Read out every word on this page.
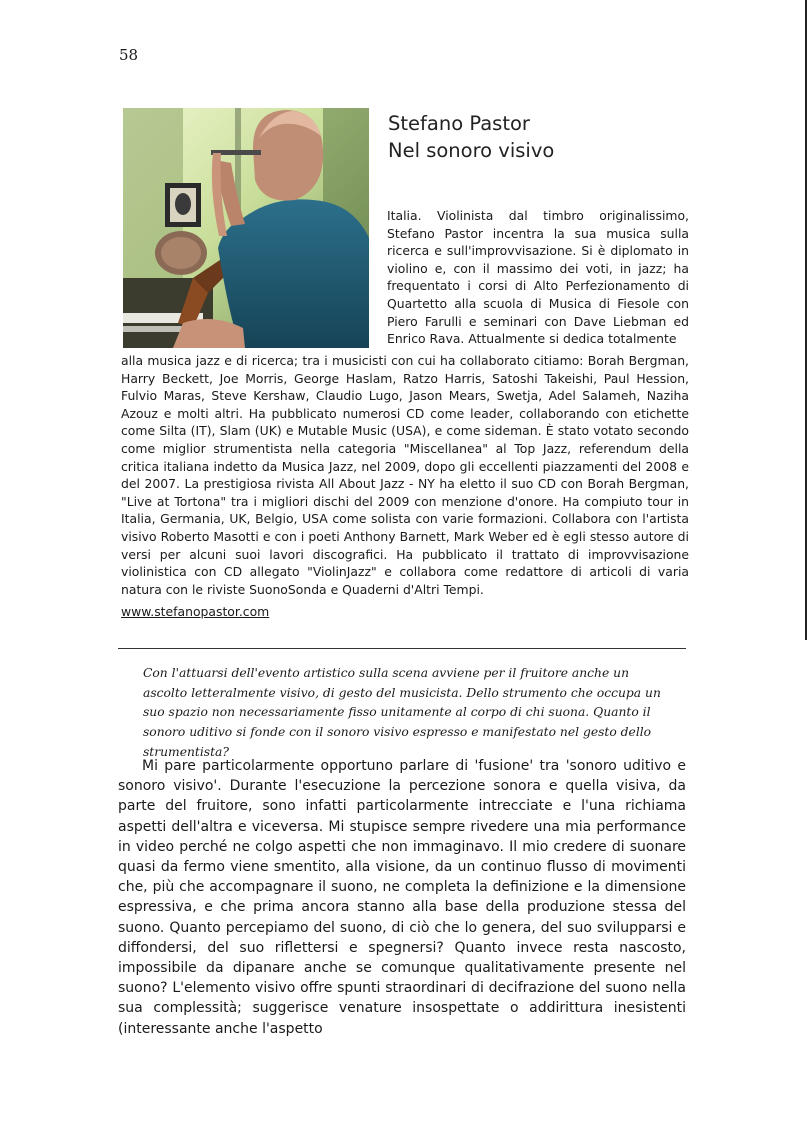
58
Stefano Pastor
Nel sonoro visivo

Italia. Violinista dal timbro originalissimo, Stefano Pastor incentra la sua musica sulla ricerca e sull'improvvisazione. Si è diplomato in violino e, con il massimo dei voti, in jazz; ha frequentato i corsi di Alto Perfezionamento di Quartetto alla scuola di Musica di Fiesole con Piero Farulli e seminari con Dave Liebman ed Enrico Rava. Attualmente si dedica totalmente

alla musica jazz e di ricerca; tra i musicisti con cui ha collaborato citiamo: Borah Bergman, Harry Beckett, Joe Morris, George Haslam, Ratzo Harris, Satoshi Takeishi, Paul Hession, Fulvio Maras, Steve Kershaw, Claudio Lugo, Jason Mears, Swetja, Adel Salameh, Naziha Azouz e molti altri. Ha pubblicato numerosi CD come leader, collaborando con etichette come Silta (IT), Slam (UK) e Mutable Music (USA), e come sideman. È stato votato secondo come miglior strumentista nella categoria "Miscellanea" al Top Jazz, referendum della critica italiana indetto da Musica Jazz, nel 2009, dopo gli eccellenti piazzamenti del 2008 e del 2007. La prestigiosa rivista All About Jazz - NY ha eletto il suo CD con Borah Bergman, "Live at Tortona" tra i migliori dischi del 2009 con menzione d'onore. Ha compiuto tour in Italia, Germania, UK, Belgio, USA come solista con varie formazioni. Collabora con l'artista visivo Roberto Masotti e con i poeti Anthony Barnett, Mark Weber ed è egli stesso autore di versi per alcuni suoi lavori discografici. Ha pubblicato il trattato di improvvisazione violinistica con CD allegato "ViolinJazz" e collabora come redattore di articoli di varia natura con le riviste SuonoSonda e Quaderni d'Altri Tempi.

www.stefanopastor.com
Con l'attuarsi dell'evento artistico sulla scena avviene per il fruitore anche un ascolto letteralmente visivo, di gesto del musicista. Dello strumento che occupa un suo spazio non necessariamente fisso unitamente al corpo di chi suona. Quanto il sonoro uditivo si fonde con il sonoro visivo espresso e manifestato nel gesto dello strumentista?
Mi pare particolarmente opportuno parlare di 'fusione' tra 'sonoro uditivo e sonoro visivo'. Durante l'esecuzione la percezione sonora e quella visiva, da parte del fruitore, sono infatti particolarmente intrecciate e l'una richiama aspetti dell'altra e viceversa. Mi stupisce sempre rivedere una mia performance in video perché ne colgo aspetti che non immaginavo. Il mio credere di suonare quasi da fermo viene smentito, alla visione, da un continuo flusso di movimenti che, più che accompagnare il suono, ne completa la definizione e la dimensione espressiva, e che prima ancora stanno alla base della produzione stessa del suono. Quanto percepiamo del suono, di ciò che lo genera, del suo svilupparsi e diffondersi, del suo riflettersi e spegnersi? Quanto invece resta nascosto, impossibile da dipanare anche se comunque qualitativamente presente nel suono? L'elemento visivo offre spunti straordinari di decifrazione del suono nella sua complessità; suggerisce venature insospettate o addirittura inesistenti (interessante anche l'aspetto
